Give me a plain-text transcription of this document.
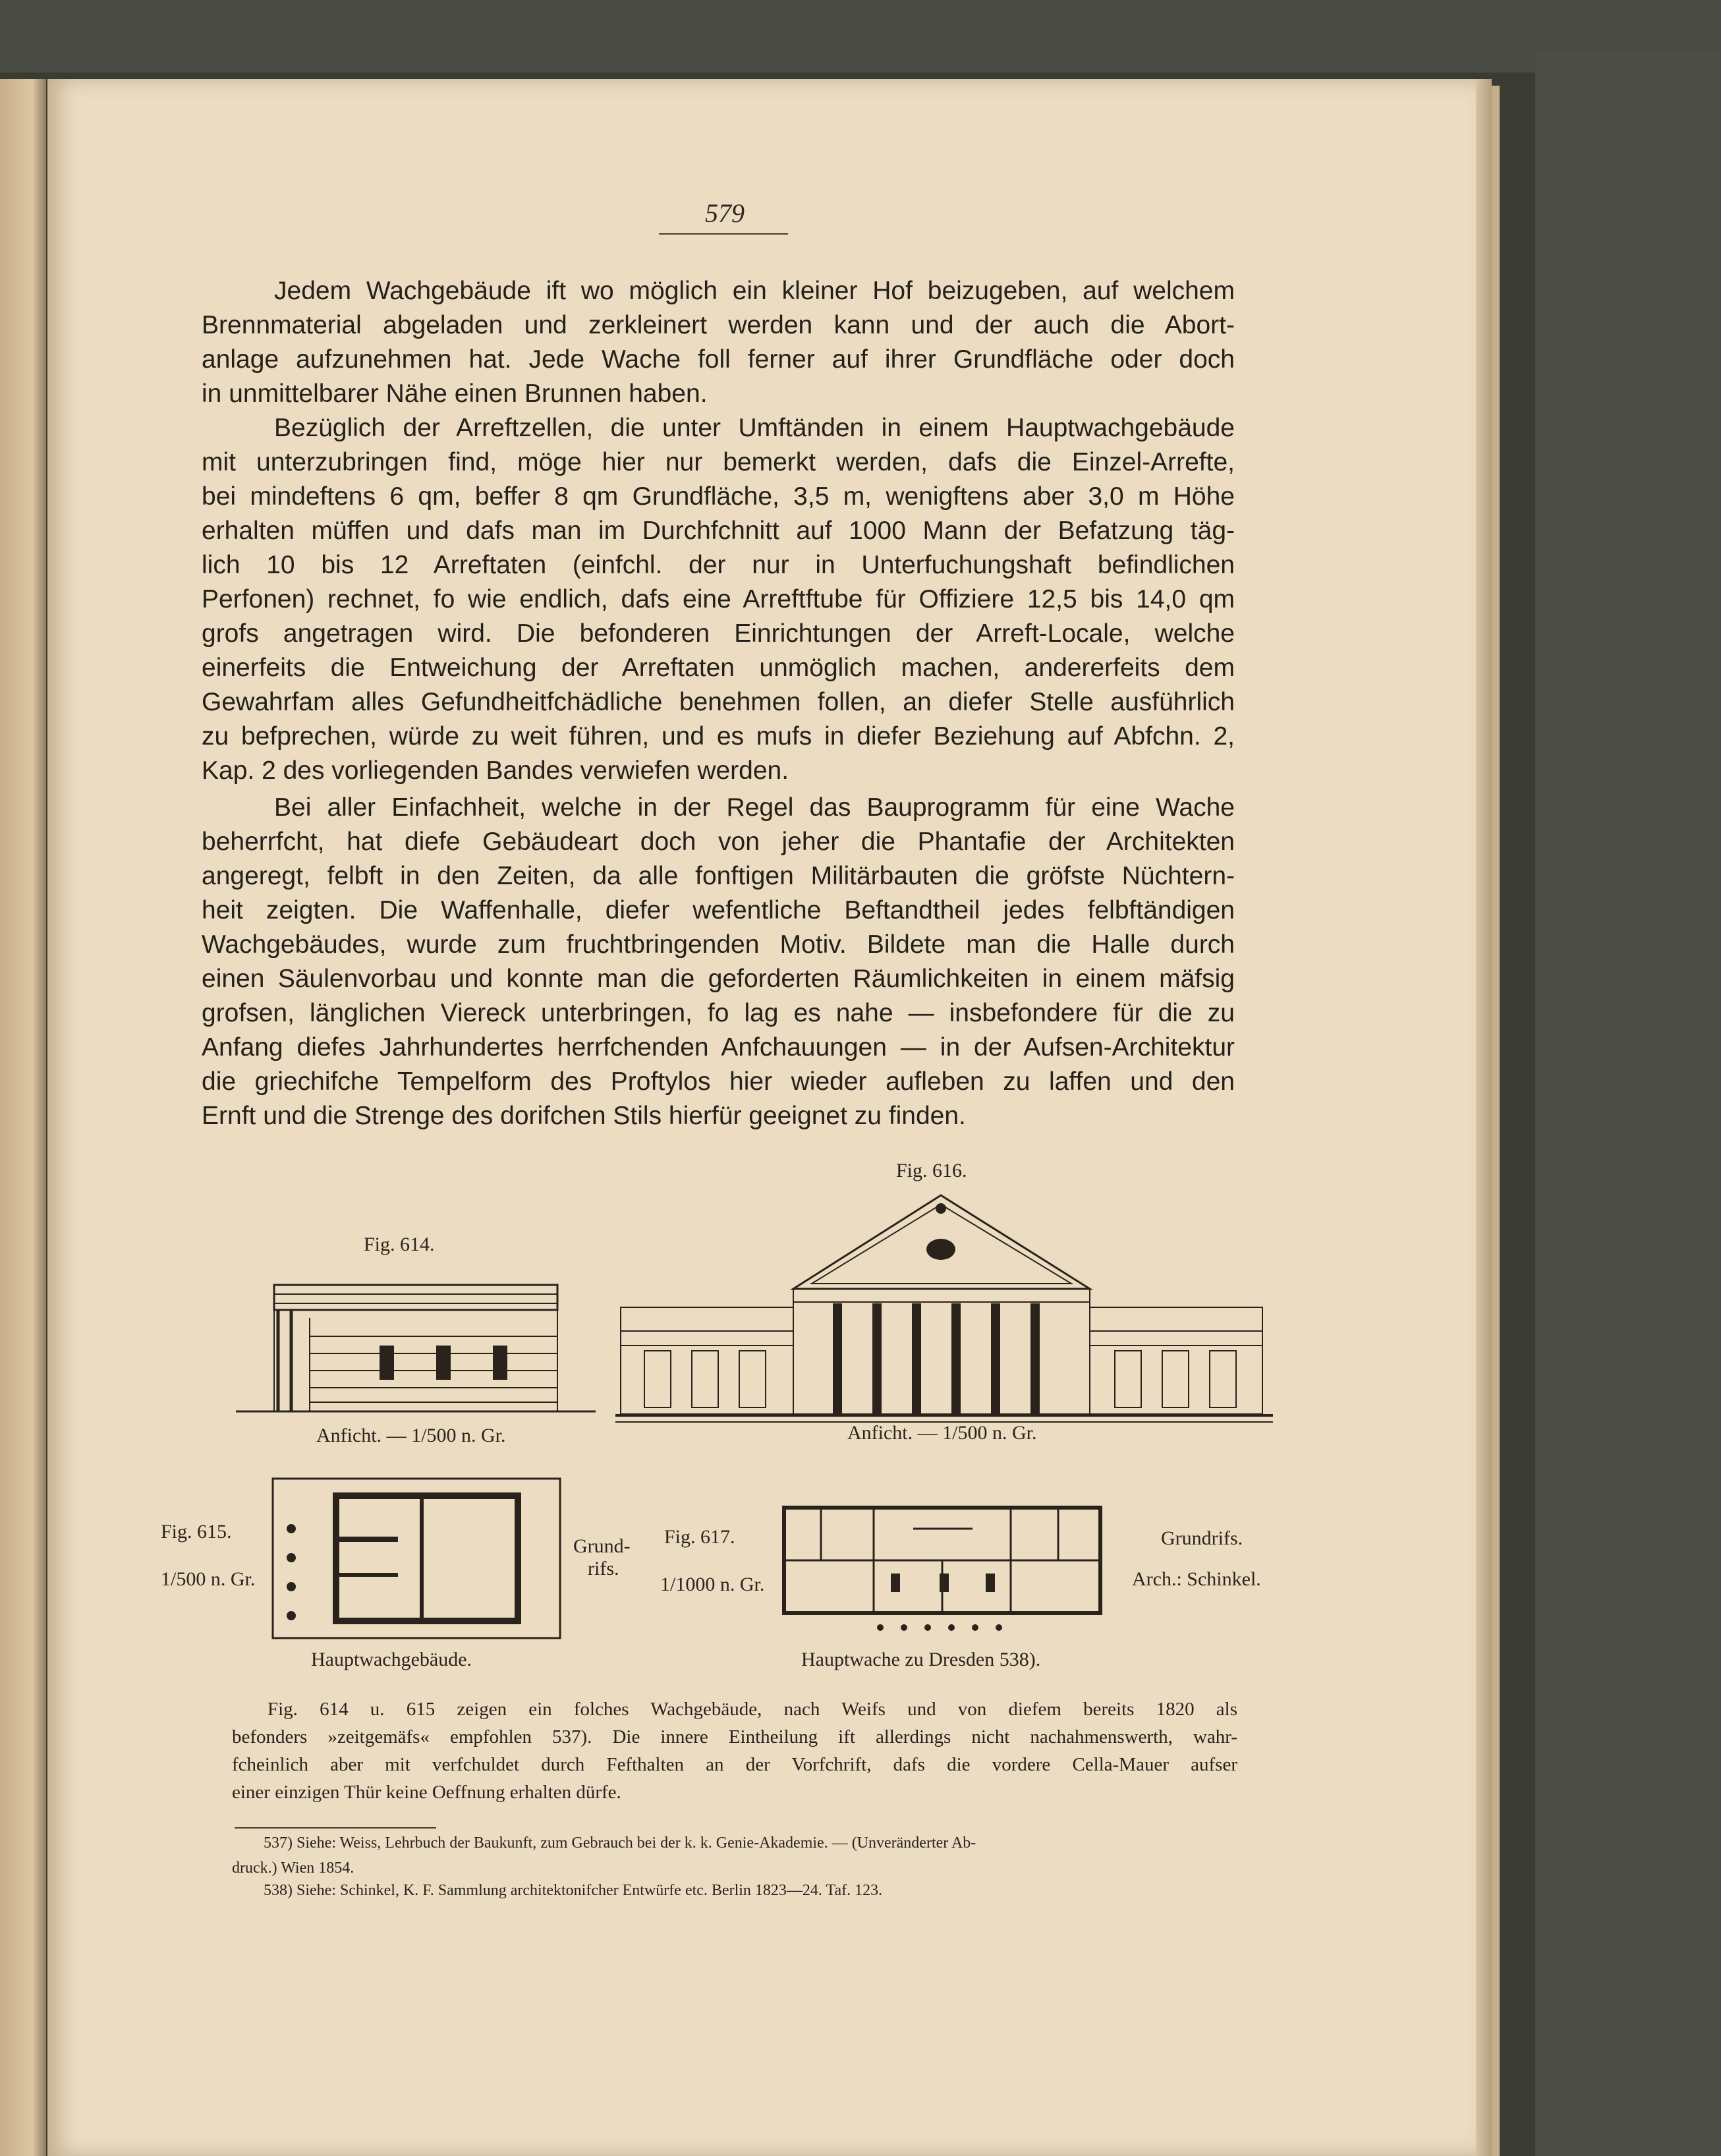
579
Jedem Wachgebäude ift wo möglich ein kleiner Hof beizugeben, auf welchem
Brennmaterial abgeladen und zerkleinert werden kann und der auch die Abort-
anlage aufzunehmen hat. Jede Wache foll ferner auf ihrer Grundfläche oder doch
in unmittelbarer Nähe einen Brunnen haben.
Bezüglich der Arreftzellen, die unter Umftänden in einem Hauptwachgebäude
mit unterzubringen find, möge hier nur bemerkt werden, dafs die Einzel-Arrefte,
bei mindeftens 6 qm, beffer 8 qm Grundfläche, 3,5 m, wenigftens aber 3,0 m Höhe
erhalten müffen und dafs man im Durchfchnitt auf 1000 Mann der Befatzung täg-
lich 10 bis 12 Arreftaten (einfchl. der nur in Unterfuchungshaft befindlichen
Perfonen) rechnet, fo wie endlich, dafs eine Arreftftube für Offiziere 12,5 bis 14,0 qm
grofs angetragen wird. Die befonderen Einrichtungen der Arreft-Locale, welche
einerfeits die Entweichung der Arreftaten unmöglich machen, andererfeits dem
Gewahrfam alles Gefundheitfchädliche benehmen follen, an diefer Stelle ausführlich
zu befprechen, würde zu weit führen, und es mufs in diefer Beziehung auf Abfchn. 2,
Kap. 2 des vorliegenden Bandes verwiefen werden.
Bei aller Einfachheit, welche in der Regel das Bauprogramm für eine Wache
beherrfcht, hat diefe Gebäudeart doch von jeher die Phantafie der Architekten
angeregt, felbft in den Zeiten, da alle fonftigen Militärbauten die gröfste Nüchtern-
heit zeigten. Die Waffenhalle, diefer wefentliche Beftandtheil jedes felbftändigen
Wachgebäudes, wurde zum fruchtbringenden Motiv. Bildete man die Halle durch
einen Säulenvorbau und konnte man die geforderten Räumlichkeiten in einem mäfsig
grofsen, länglichen Viereck unterbringen, fo lag es nahe — insbefondere für die zu
Anfang diefes Jahrhundertes herrfchenden Anfchauungen — in der Aufsen-Architektur
die griechifche Tempelform des Proftylos hier wieder aufleben zu laffen und den
Ernft und die Strenge des dorifchen Stils hierfür geeignet zu finden.
Fig. 614.
Fig. 616.
Anficht. — 1/500 n. Gr.	Anficht. — 1/500 n. Gr.
Fig. 615.
1/500 n. Gr.
Grund-
rifs.
Hauptwachgebäude.
Fig. 617.
1/1000 n. Gr.
Grundrifs.
Arch.: Schinkel.
Hauptwache zu Dresden 538).
Fig. 614 u. 615 zeigen ein folches Wachgebäude, nach Weifs und von diefem bereits 1820 als
befonders »zeitgemäfs« empfohlen 537). Die innere Eintheilung ift allerdings nicht nachahmenswerth, wahr-
fcheinlich aber mit verfchuldet durch Fefthalten an der Vorfchrift, dafs die vordere Cella-Mauer aufser
einer einzigen Thür keine Oeffnung erhalten dürfe.
537) Siehe: Weiss, Lehrbuch der Baukunft, zum Gebrauch bei der k. k. Genie-Akademie. — (Unveränderter Ab-
druck.) Wien 1854.
538) Siehe: Schinkel, K. F. Sammlung architektonifcher Entwürfe etc. Berlin 1823—24. Taf. 123.
